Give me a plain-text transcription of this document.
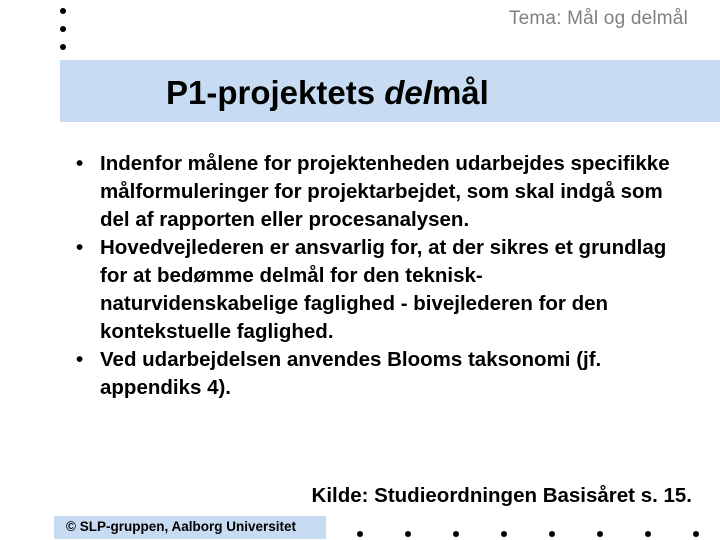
Tema: Mål og delmål
P1-projektets delmål
• Indenfor målene for projektenheden udarbejdes specifikke målformuleringer for projektarbejdet, som skal indgå som del af rapporten eller procesanalysen.
• Hovedvejlederen er ansvarlig for, at der sikres et grundlag for at bedømme delmål for den teknisk-naturvidenskabelige faglighed - bivejlederen for den kontekstuelle faglighed.
• Ved udarbejdelsen anvendes Blooms taksonomi (jf. appendiks 4).
Kilde: Studieordningen Basisåret s. 15.
© SLP-gruppen, Aalborg Universitet
